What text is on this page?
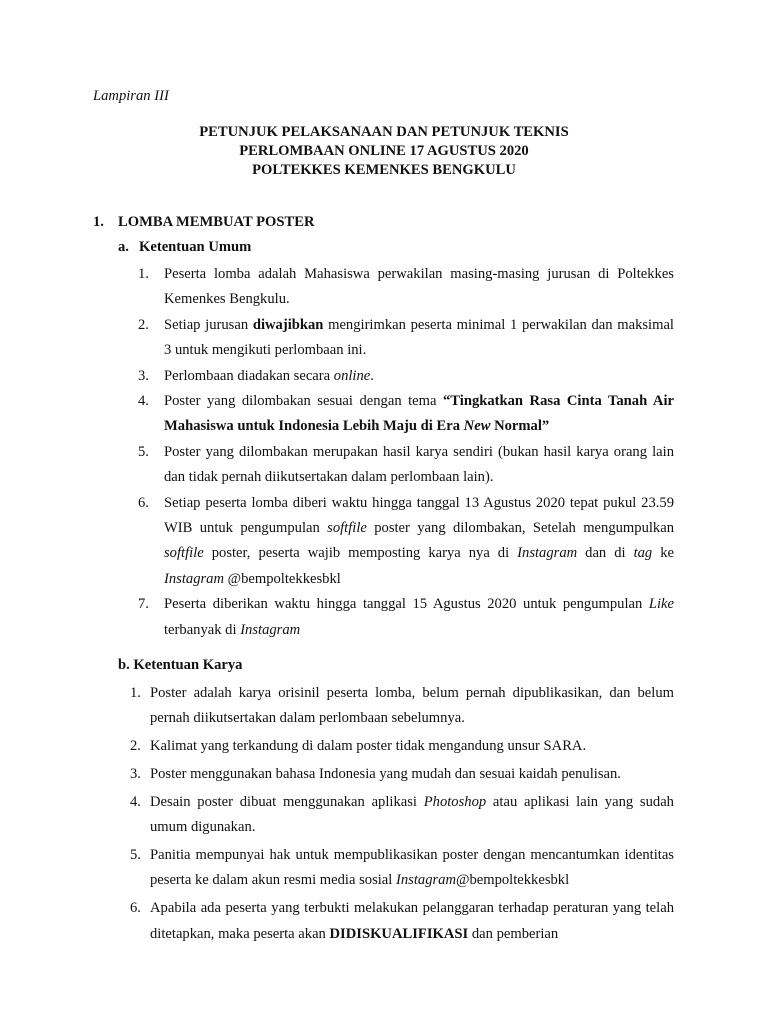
Lampiran III
PETUNJUK PELAKSANAAN DAN PETUNJUK TEKNIS
PERLOMBAAN ONLINE 17 AGUSTUS 2020
POLTEKKES KEMENKES BENGKULU
1. LOMBA MEMBUAT POSTER
a. Ketentuan Umum
1. Peserta lomba adalah Mahasiswa perwakilan masing-masing jurusan di Poltekkes Kemenkes Bengkulu.
2. Setiap jurusan diwajibkan mengirimkan peserta minimal 1 perwakilan dan maksimal 3 untuk mengikuti perlombaan ini.
3. Perlombaan diadakan secara online.
4. Poster yang dilombakan sesuai dengan tema “Tingkatkan Rasa Cinta Tanah Air Mahasiswa untuk Indonesia Lebih Maju di Era New Normal”
5. Poster yang dilombakan merupakan hasil karya sendiri (bukan hasil karya orang lain dan tidak pernah diikutsertakan dalam perlombaan lain).
6. Setiap peserta lomba diberi waktu hingga tanggal 13 Agustus 2020 tepat pukul 23.59 WIB untuk pengumpulan softfile poster yang dilombakan, Setelah mengumpulkan softfile poster, peserta wajib memposting karya nya di Instagram dan di tag ke Instagram @bempoltekkesbkl
7. Peserta diberikan waktu hingga tanggal 15 Agustus 2020 untuk pengumpulan Like terbanyak di Instagram
b. Ketentuan Karya
1. Poster adalah karya orisinil peserta lomba, belum pernah dipublikasikan, dan belum pernah diikutsertakan dalam perlombaan sebelumnya.
2. Kalimat yang terkandung di dalam poster tidak mengandung unsur SARA.
3. Poster menggunakan bahasa Indonesia yang mudah dan sesuai kaidah penulisan.
4. Desain poster dibuat menggunakan aplikasi Photoshop atau aplikasi lain yang sudah umum digunakan.
5. Panitia mempunyai hak untuk mempublikasikan poster dengan mencantumkan identitas peserta ke dalam akun resmi media sosial Instagram@bempoltekkesbkl
6. Apabila ada peserta yang terbukti melakukan pelanggaran terhadap peraturan yang telah ditetapkan, maka peserta akan DIDISKUALIFIKASI dan pemberian
